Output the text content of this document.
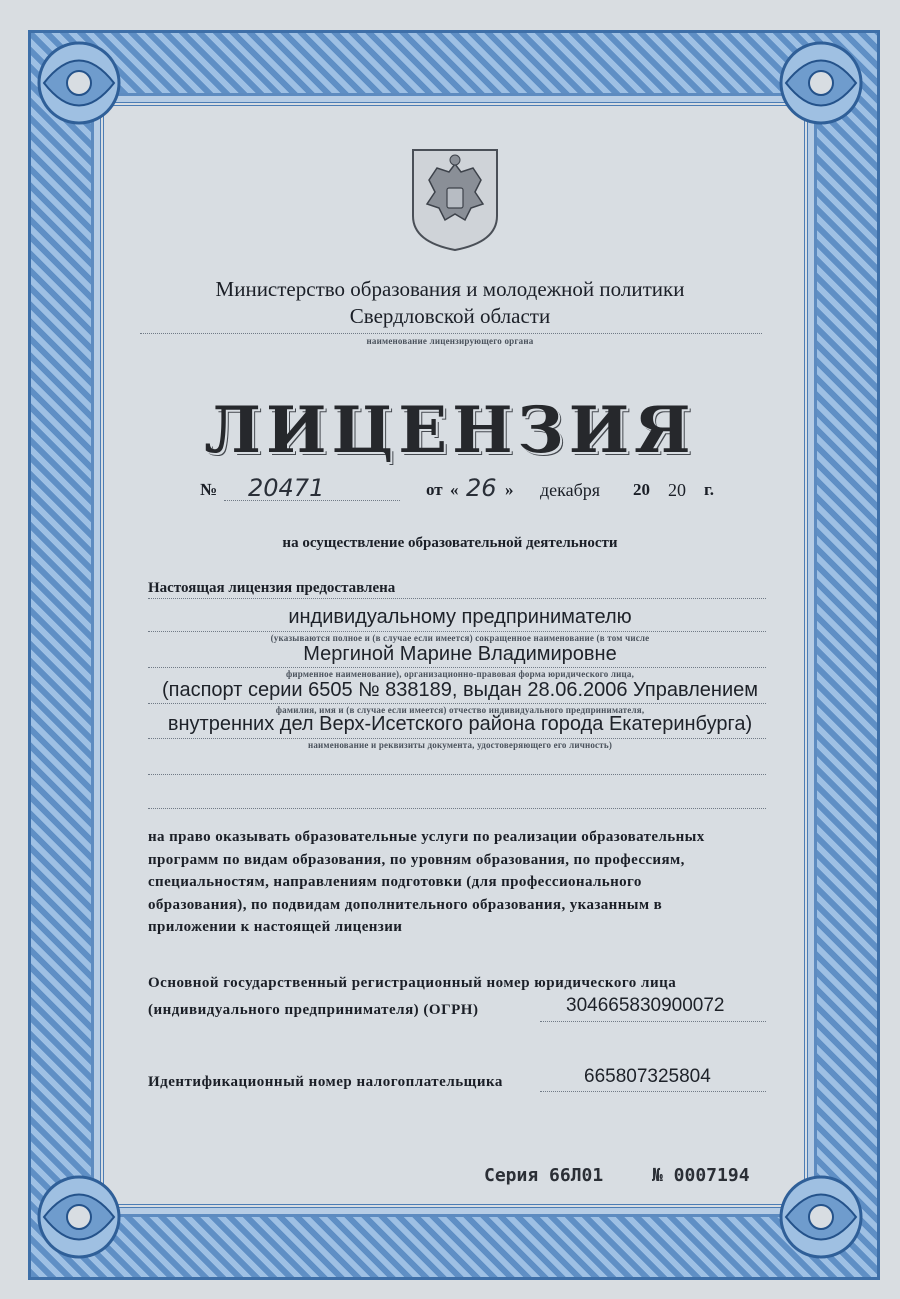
Министерство образования и молодежной политики
Свердловской области
наименование лицензирующего органа
ЛИЦЕНЗИЯ
№ 20471	от « 26 » декабря 20 20 г.
на осуществление образовательной деятельности
Настоящая лицензия предоставлена
индивидуальному предпринимателю
(указываются полное и (в случае если имеется) сокращенное наименование (в том числе
Мергиной Марине Владимировне
фирменное наименование), организационно-правовая форма юридического лица,
(паспорт серии 6505 № 838189, выдан 28.06.2006 Управлением
фамилия, имя и (в случае если имеется) отчество индивидуального предпринимателя,
внутренних дел Верх-Исетского района города Екатеринбурга)
наименование и реквизиты документа, удостоверяющего его личность)
на право оказывать образовательные услуги по реализации образовательных
программ по видам образования, по уровням образования, по профессиям,
специальностям, направлениям подготовки (для профессионального
образования), по подвидам дополнительного образования, указанным в
приложении к настоящей лицензии
Основной государственный регистрационный номер юридического лица
(индивидуального предпринимателя) (ОГРН)	304665830900072
Идентификационный номер налогоплательщика	665807325804
Серия 66Л01	№ 0007194
